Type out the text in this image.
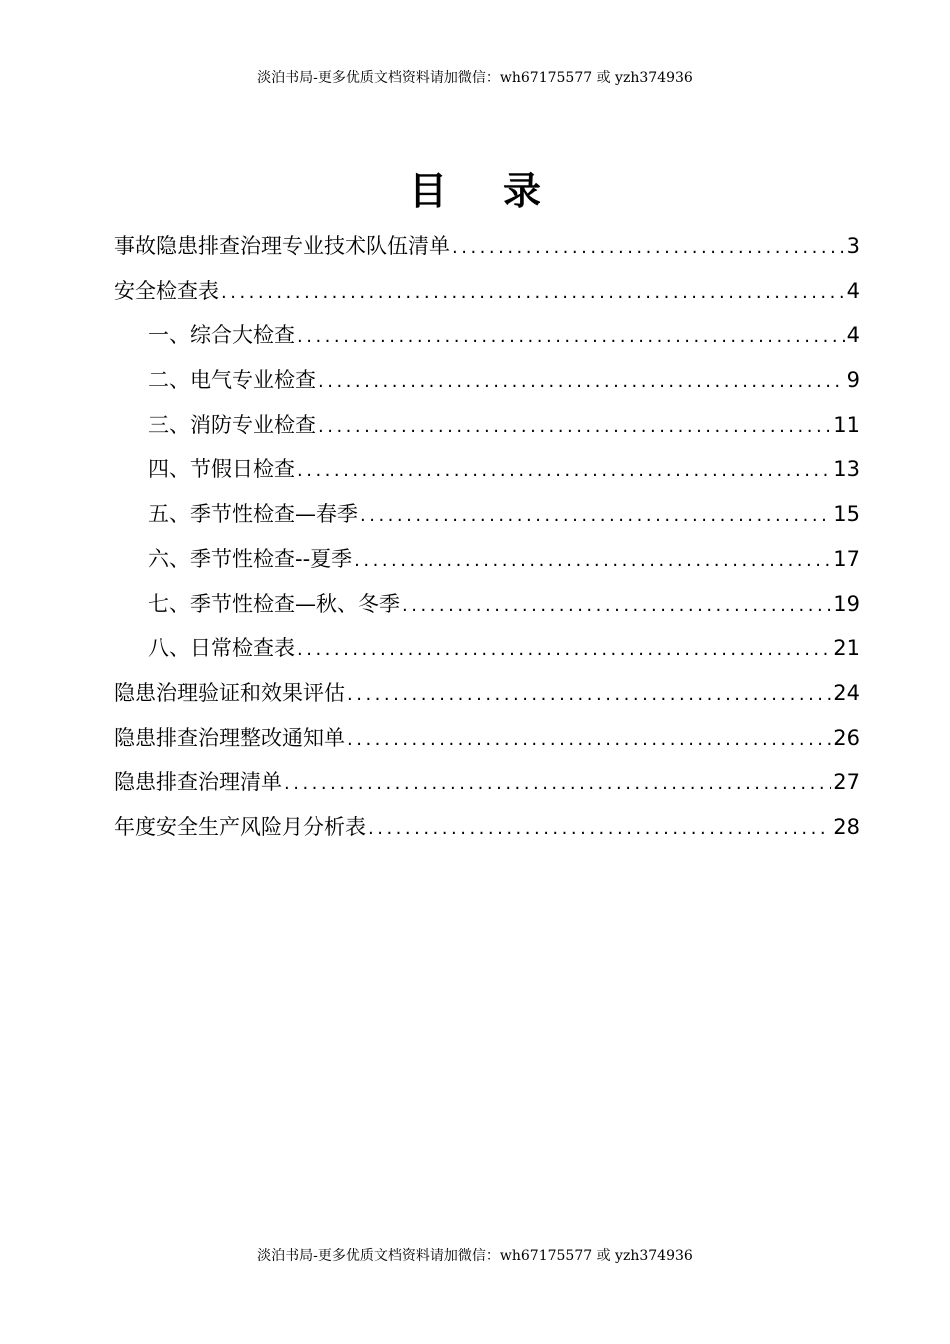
淡泊书局-更多优质文档资料请加微信：wh67175577 或 yzh374936
目录
事故隐患排查治理专业技术队伍清单 .....	3
安全检查表 .....	4
一、综合大检查 .....	4
二、电气专业检查 .....	9
三、消防专业检查 .....	11
四、节假日检查 .....	13
五、季节性检查—春季 .....	15
六、季节性检查--夏季 .....	17
七、季节性检查—秋、冬季 .....	19
八、日常检查表 .....	21
隐患治理验证和效果评估 .....	24
隐患排查治理整改通知单 .....	26
隐患排查治理清单 .....	27
年度安全生产风险月分析表 .....	28
淡泊书局-更多优质文档资料请加微信：wh67175577 或 yzh374936
